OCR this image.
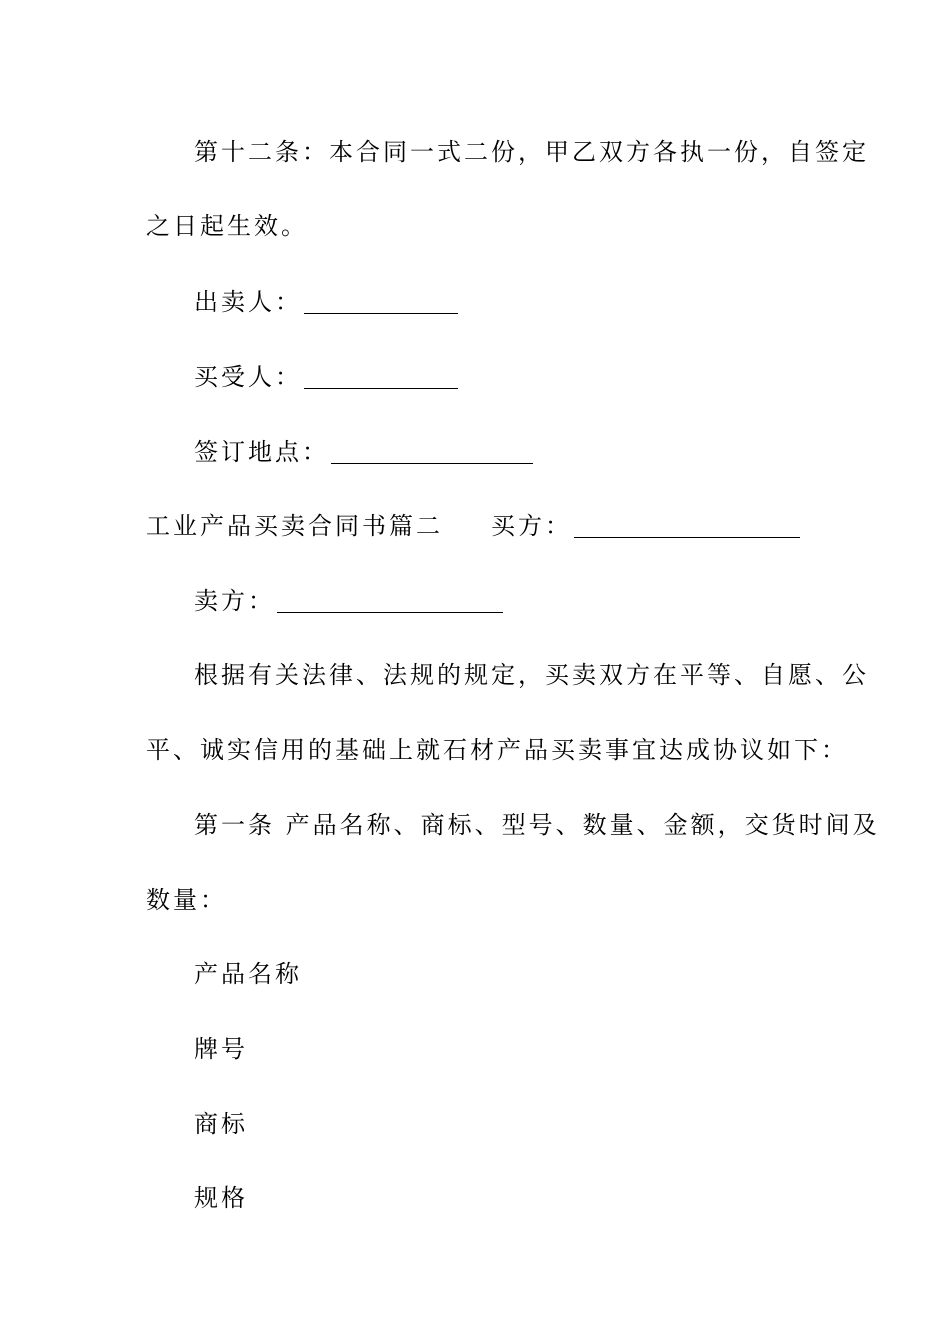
第十二条：本合同一式二份，甲乙双方各执一份，自签定
之日起生效。
出卖人：
买受人：
签订地点：
工业产品买卖合同书篇二 买方：
卖方：
根据有关法律、法规的规定，买卖双方在平等、自愿、公
平、诚实信用的基础上就石材产品买卖事宜达成协议如下：
第一条 产品名称、商标、型号、数量、金额，交货时间及
数量：
产品名称
牌号
商标
规格
